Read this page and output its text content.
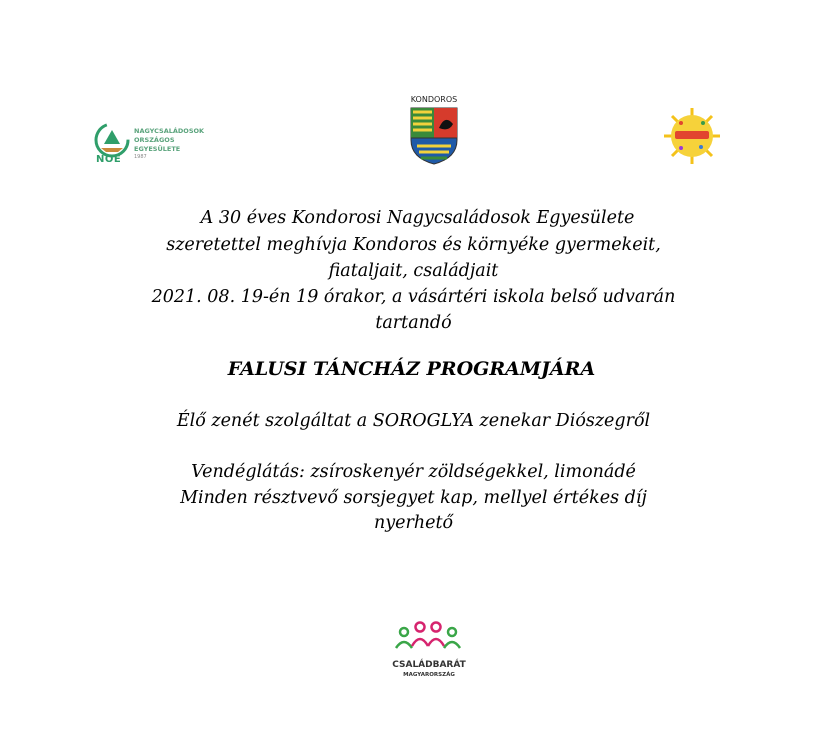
NOE
NAGYCSALÁDOSOK
ORSZÁGOS
EGYESÜLETE
1987
KONDOROS
A 30 éves Kondorosi Nagycsaládosok Egyesülete
szeretettel meghívja Kondoros és környéke gyermekeit,
fiataljait, családjait
2021. 08. 19-én 19 órakor, a vásártéri iskola belső udvarán
tartandó
FALUSI TÁNCHÁZ PROGRAMJÁRA
Élő zenét szolgáltat a SOROGLYA zenekar Diószegről
Vendéglátás: zsíroskenyér zöldségekkel, limonádé
Minden résztvevő sorsjegyet kap, mellyel értékes díj
nyerhető
CSALÁDBARÁT
MAGYARORSZÁG
